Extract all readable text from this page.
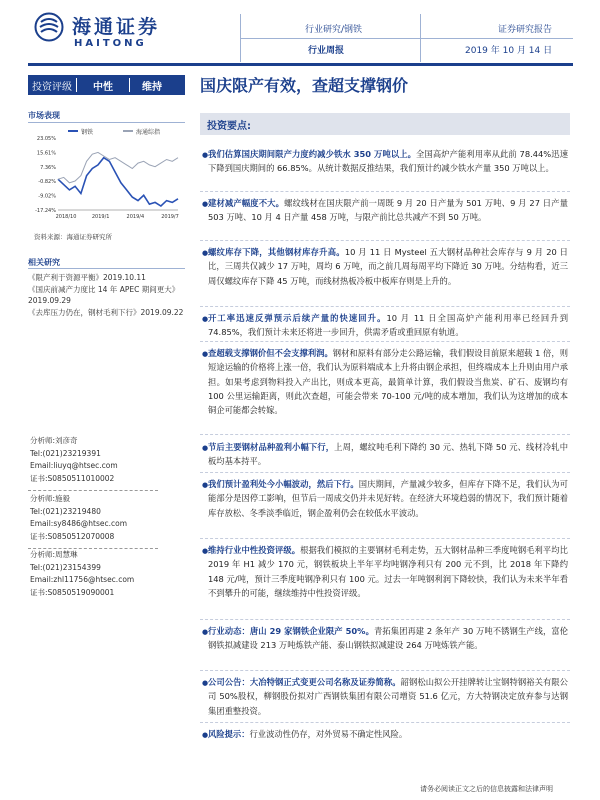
海通证券
HAITONG
行业研究/钢铁
行业周报
证券研究报告
2019 年 10 月 14 日
投资评级	中性	维持 国庆限产有效，查超支撑钢价
市场表现
钢铁	海通综指
23.05%
15.61%
7.36%
-0.82%
-9.02%
-17.24%
2018/10	2019/1	2019/4	2019/7
资料来源：海通证券研究所
相关研究
《限产利于资源平衡》2019.10.11
《国庆前减产力度比 14 年 APEC 期间更大》2019.09.29
《去库压力仍在，钢材毛利下行》2019.09.22
分析师:刘彦奇
Tel:(021)23219391
Email:liuyq@htsec.com
证书:S0850511010002
分析师:施毅
Tel:(021)23219480
Email:sy8486@htsec.com
证书:S0850512070008
分析师:周慧琳
Tel:(021)23154399
Email:zhl11756@htsec.com
证书:S0850519090001
投资要点:
● 我们估算国庆期间限产力度约减少铁水 350 万吨以上。全国高炉产能利用率从此前 78.44%迅速下降到国庆期间的 66.85%。从统计数据反推结果，我们预计约减少铁水产量 350 万吨以上。
● 建材减产幅度不大。螺纹线材在国庆限产前一周既 9 月 20 日产量为 501 万吨、9 月 27 日产量 503 万吨、10 月 4 日产量 458 万吨，与限产前比总共减产不到 50 万吨。
● 螺纹库存下降，其他钢材库存升高。10 月 11 日 Mysteel 五大钢材品种社会库存与 9 月 20 日比，三周共仅减少 17 万吨，周均 6 万吨，而之前几周每周平均下降近 30 万吨。分结构看，近三周仅螺纹库存下降 45 万吨，而线材热板冷板中板库存则是上升的。
● 开工率迅速反弹预示后续产量的快速回升。10 月 11 日全国高炉产能利用率已经回升到 74.85%，我们预计未来还将进一步回升，供需矛盾或重回原有轨道。
● 查超载支撑钢价但不会支撑利润。钢材和原料有部分走公路运输，我们假设目前原来超载 1 倍，则短途运输的价格将上涨一倍，我们认为原料端成本上升将由钢企承担，但终端成本上升则由用户承担。如果考虑到物料投入产出比，则成本更高，最简单计算，我们假设当焦炭、矿石、废钢均有 100 公里运输距离，则此次查超，可能会带来 70-100 元/吨的成本增加，我们认为这增加的成本铜企可能都会转嫁。
● 节后主要钢材品种盈利小幅下行，上周，螺纹吨毛利下降约 30 元、热轧下降 50 元、线材冷轧中板均基本持平。
● 我们预计盈利处今小幅波动，然后下行。国庆期间，产量减少较多，但库存下降不足，我们认为可能部分是因停工影响，但节后一周成交仍并未见好转。在经济大环境趋弱的情况下，我们预计随着库存放松、冬季淡季临近，钢企盈利仍会在较低水平波动。
● 维持行业中性投资评级。根据我们模拟的主要钢材毛利走势，五大钢材品种三季度吨钢毛利平均比 2019 年 H1 减少 170 元，钢铁板块上半年平均吨钢净利只有 200 元不到，比 2018 年下降约 148 元/吨，预计三季度吨钢净利只有 100 元。过去一年吨钢利润下降较快，我们认为未来半年看不到攀升的可能，继续维持中性投资评级。
● 行业动态：唐山 29 家钢铁企业限产 50%。青拓集团再建 2 条年产 30 万吨不锈钢生产线，富伦钢铁拟减建设 213 万吨炼铁产能、泰山钢铁拟减建设 264 万吨炼铁产能。
● 公司公告：大冶特钢正式变更公司名称及证券简称。韶钢松山拟公开挂牌转让宝钢特钢裕关有限公司 50%股权，柳钢股份拟对广西钢铁集团有限公司增资 51.6 亿元，方大特钢决定放弃参与达钢集团重整投资。
● 风险提示：行业波动性仍存，对外贸易不确定性风险。
请务必阅读正文之后的信息披露和法律声明
